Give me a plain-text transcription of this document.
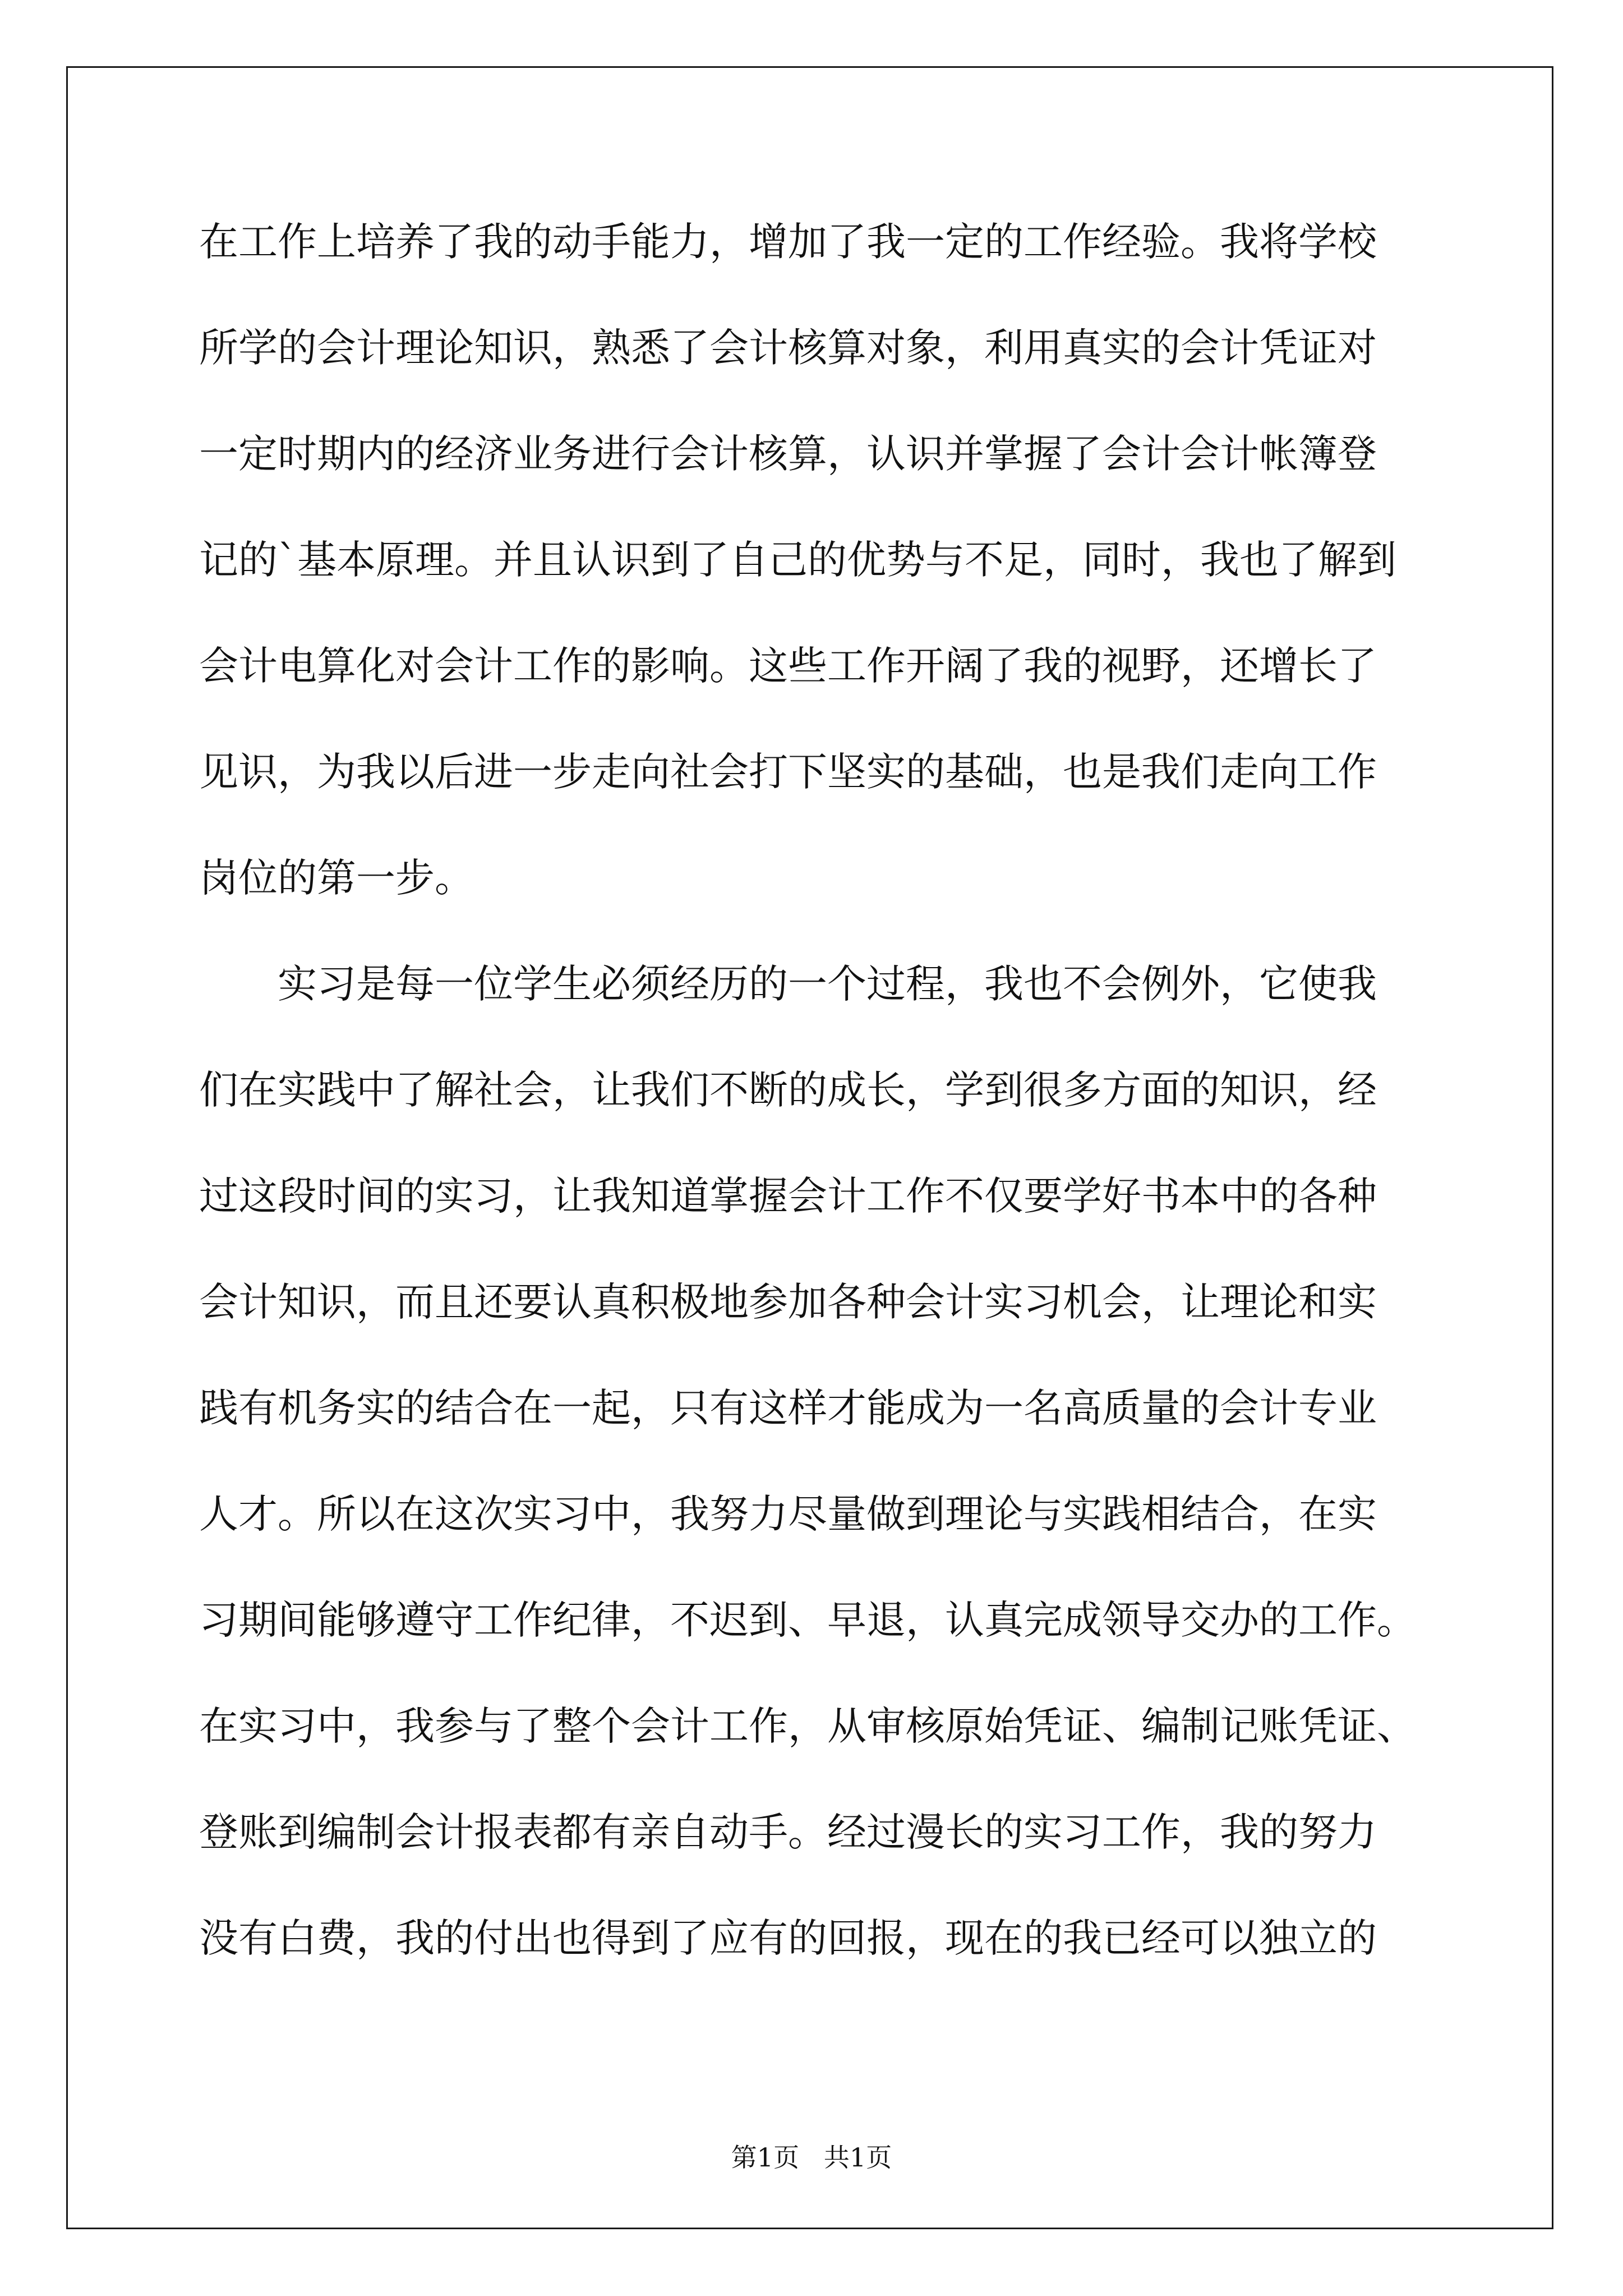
在工作上培养了我的动手能力，增加了我一定的工作经验。我将学校
所学的会计理论知识，熟悉了会计核算对象，利用真实的会计凭证对
一定时期内的经济业务进行会计核算，认识并掌握了会计会计帐簿登
记的`基本原理。并且认识到了自己的优势与不足，同时，我也了解到
会计电算化对会计工作的影响。这些工作开阔了我的视野，还增长了
见识，为我以后进一步走向社会打下坚实的基础，也是我们走向工作
岗位的第一步。
实习是每一位学生必须经历的一个过程，我也不会例外，它使我
们在实践中了解社会，让我们不断的成长，学到很多方面的知识，经
过这段时间的实习，让我知道掌握会计工作不仅要学好书本中的各种
会计知识，而且还要认真积极地参加各种会计实习机会，让理论和实
践有机务实的结合在一起，只有这样才能成为一名高质量的会计专业
人才。所以在这次实习中，我努力尽量做到理论与实践相结合，在实
习期间能够遵守工作纪律，不迟到、早退，认真完成领导交办的工作。
在实习中，我参与了整个会计工作，从审核原始凭证、编制记账凭证、
登账到编制会计报表都有亲自动手。经过漫长的实习工作，我的努力
没有白费，我的付出也得到了应有的回报，现在的我已经可以独立的
第1页   共1页
